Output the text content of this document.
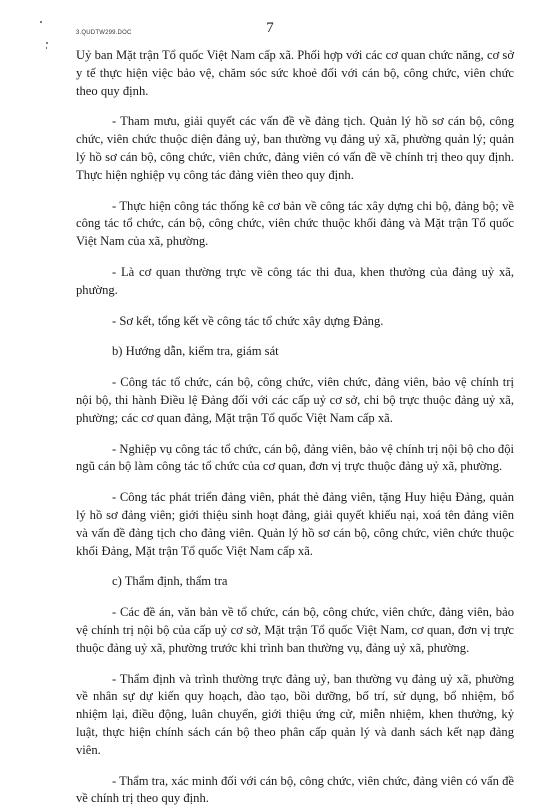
3.QUDTW299.DOC	7

Uỷ ban Mặt trận Tổ quốc Việt Nam cấp xã. Phối hợp với các cơ quan chức năng, cơ sở y tế thực hiện việc bảo vệ, chăm sóc sức khoẻ đối với cán bộ, công chức, viên chức theo quy định.

- Tham mưu, giải quyết các vấn đề về đảng tịch. Quản lý hồ sơ cán bộ, công chức, viên chức thuộc diện đảng uỷ, ban thường vụ đảng uỷ xã, phường quản lý; quản lý hồ sơ cán bộ, công chức, viên chức, đảng viên có vấn đề về chính trị theo quy định. Thực hiện nghiệp vụ công tác đảng viên theo quy định.

- Thực hiện công tác thống kê cơ bản về công tác xây dựng chi bộ, đảng bộ; về công tác tổ chức, cán bộ, công chức, viên chức thuộc khối đảng và Mặt trận Tổ quốc Việt Nam của xã, phường.

- Là cơ quan thường trực về công tác thi đua, khen thưởng của đảng uỷ xã, phường.

- Sơ kết, tổng kết về công tác tổ chức xây dựng Đảng.

b) Hướng dẫn, kiểm tra, giám sát

- Công tác tổ chức, cán bộ, công chức, viên chức, đảng viên, bảo vệ chính trị nội bộ, thi hành Điều lệ Đảng đối với các cấp uỷ cơ sở, chi bộ trực thuộc đảng uỷ xã, phường; các cơ quan đảng, Mặt trận Tổ quốc Việt Nam cấp xã.

- Nghiệp vụ công tác tổ chức, cán bộ, đảng viên, bảo vệ chính trị nội bộ cho đội ngũ cán bộ làm công tác tổ chức của cơ quan, đơn vị trực thuộc đảng uỷ xã, phường.

- Công tác phát triển đảng viên, phát thẻ đảng viên, tặng Huy hiệu Đảng, quản lý hồ sơ đảng viên; giới thiệu sinh hoạt đảng, giải quyết khiếu nại, xoá tên đảng viên và vấn đề đảng tịch cho đảng viên. Quản lý hồ sơ cán bộ, công chức, viên chức thuộc khối Đảng, Mặt trận Tổ quốc Việt Nam cấp xã.

c) Thẩm định, thẩm tra

- Các đề án, văn bản về tổ chức, cán bộ, công chức, viên chức, đảng viên, bảo vệ chính trị nội bộ của cấp uỷ cơ sở, Mặt trận Tổ quốc Việt Nam, cơ quan, đơn vị trực thuộc đảng uỷ xã, phường trước khi trình ban thường vụ, đảng uỷ xã, phường.

- Thẩm định và trình thường trực đảng uỷ, ban thường vụ đảng uỷ xã, phường về nhân sự dự kiến quy hoạch, đào tạo, bồi dưỡng, bố trí, sử dụng, bổ nhiệm, bổ nhiệm lại, điều động, luân chuyển, giới thiệu ứng cử, miễn nhiệm, khen thưởng, kỷ luật, thực hiện chính sách cán bộ theo phân cấp quản lý và danh sách kết nạp đảng viên.

- Thẩm tra, xác minh đối với cán bộ, công chức, viên chức, đảng viên có vấn đề về chính trị theo quy định.
